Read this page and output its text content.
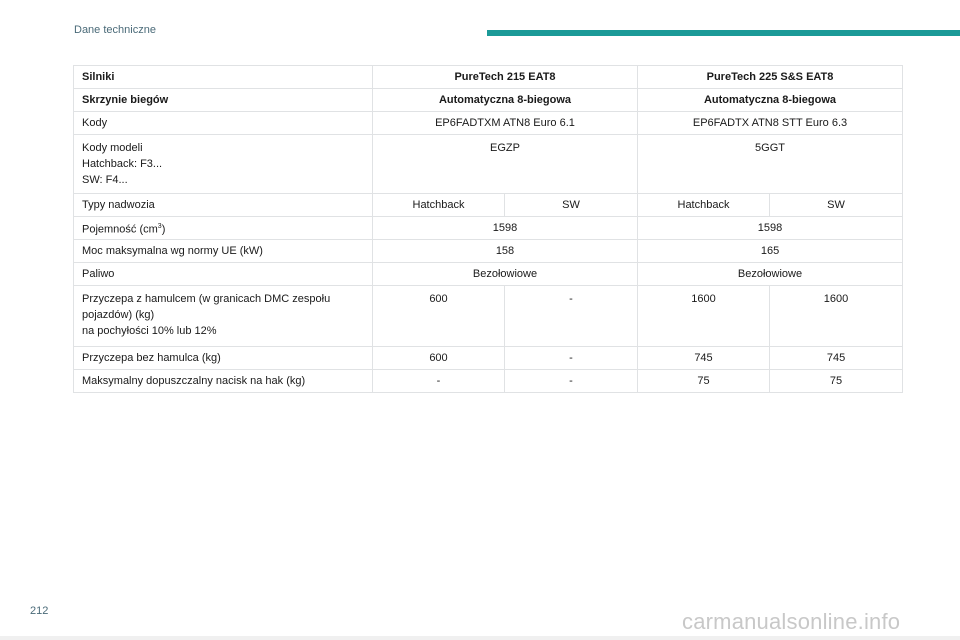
Dane techniczne
Silniki	PureTech 215 EAT8		PureTech 225 S&S EAT8	
Skrzynie biegów	Automatyczna 8-biegowa		Automatyczna 8-biegowa	
Kody	EP6FADTXM ATN8 Euro 6.1		EP6FADTX ATN8 STT Euro 6.3	

Kody modeli
Hatchback: F3...
SW: F4...	EGZP		5GGT	
Typy nadwozia	Hatchback	SW	Hatchback	SW
Pojemność $(cm^3)$	1598		1598	
Moc maksymalna wg normy UE (kW)	158		165	
Paliwo	Bezołowiowe		Bezołowiowe	

Przyczepa z hamulcem (w granicach DMC zespołu
pojazdów) (kg)
na pochyłości 10% lub 12%	600	-	1600	1600
Przyczepa bez hamulca (kg)	600	-	745	745
Maksymalny dopuszczalny nacisk na hak (kg)	-	-	75	75
212	carmanualsonline.info
